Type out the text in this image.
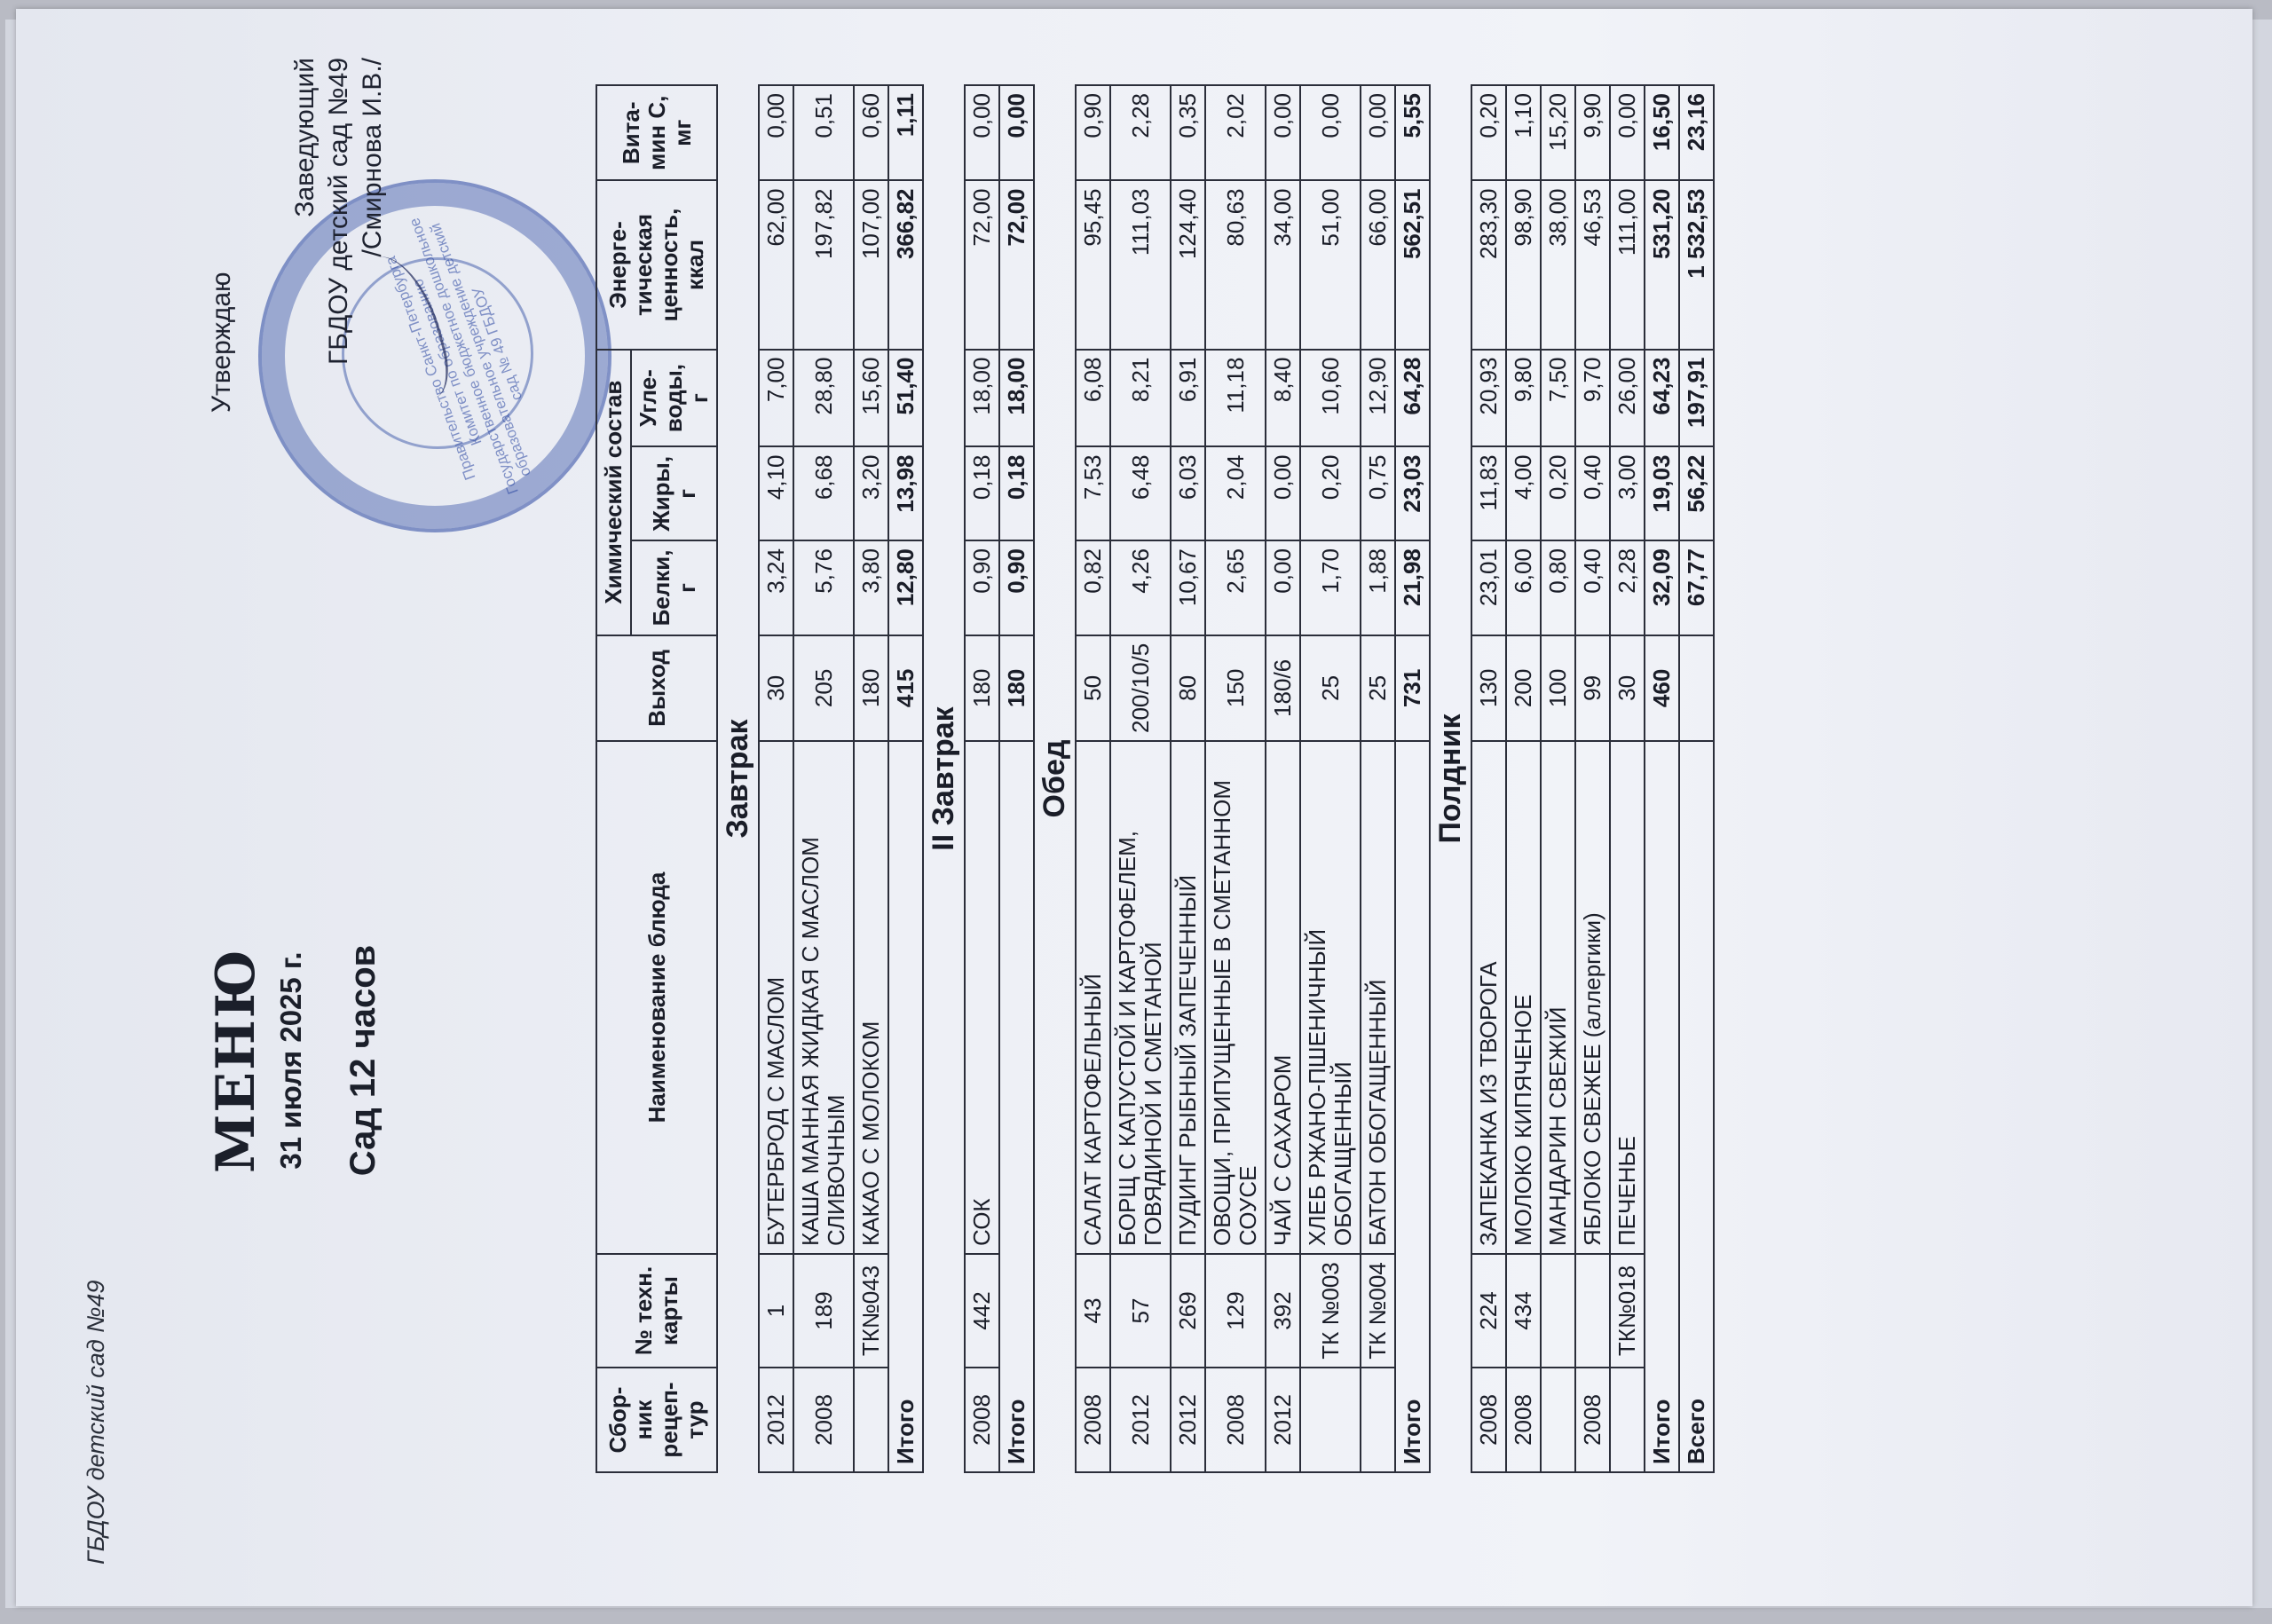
ГБДОУ детский сад №49
МЕНЮ 31 июля 2025 г. Сад 12 часов
Правительство Санкт-Петербурга Комитет по образованию Государственное бюджетное дошкольное образовательное учреждение детский сад № 49 ГБДОУ
Утверждаю
Заведующий ГБДОУ детский сад №49 /Смирнова И.В./
Сбор-ник рецеп-тур	№ техн. карты	Наименование блюда	Выход	Химический состав			Энерге-тическая ценность, ккал	Вита-мин С, мг
				Белки, г	Жиры, г	Угле-воды, г		
Завтрак								
2012	1	БУТЕРБРОД С МАСЛОМ	30	3,24	4,10	7,00	62,00	0,00
2008	189	КАША МАННАЯ ЖИДКАЯ С МАСЛОМ СЛИВОЧНЫМ	205	5,76	6,68	28,80	197,82	0,51
	ТК№043	КАКАО С МОЛОКОМ	180	3,80	3,20	15,60	107,00	0,60
Итого			415	12,80	13,98	51,40	366,82	1,11
II Завтрак								
2008	442	СОК	180	0,90	0,18	18,00	72,00	0,00
Итого			180	0,90	0,18	18,00	72,00	0,00
Обед								
2008	43	САЛАТ КАРТОФЕЛЬНЫЙ	50	0,82	7,53	6,08	95,45	0,90
2012	57	БОРЩ С КАПУСТОЙ И КАРТОФЕЛЕМ, ГОВЯДИНОЙ И СМЕТАНОЙ	200/10/5	4,26	6,48	8,21	111,03	2,28
2012	269	ПУДИНГ РЫБНЫЙ ЗАПЕЧЕННЫЙ	80	10,67	6,03	6,91	124,40	0,35
2008	129	ОВОЩИ, ПРИПУЩЕННЫЕ В СМЕТАННОМ СОУСЕ	150	2,65	2,04	11,18	80,63	2,02
2012	392	ЧАЙ С САХАРОМ	180/6	0,00	0,00	8,40	34,00	0,00
	ТК №003	ХЛЕБ РЖАНО-ПШЕНИЧНЫЙ ОБОГАЩЕННЫЙ	25	1,70	0,20	10,60	51,00	0,00
	ТК №004	БАТОН ОБОГАЩЕННЫЙ	25	1,88	0,75	12,90	66,00	0,00
Итого			731	21,98	23,03	64,28	562,51	5,55
Полдник								
2008	224	ЗАПЕКАНКА ИЗ ТВОРОГА	130	23,01	11,83	20,93	283,30	0,20
2008	434	МОЛОКО КИПЯЧЕНОЕ	200	6,00	4,00	9,80	98,90	1,10
		МАНДАРИН СВЕЖИЙ	100	0,80	0,20	7,50	38,00	15,20
2008		ЯБЛОКО СВЕЖЕЕ (аллергики)	99	0,40	0,40	9,70	46,53	9,90
	ТК№018	ПЕЧЕНЬЕ	30	2,28	3,00	26,00	111,00	0,00
Итого			460	32,09	19,03	64,23	531,20	16,50
Всего				67,77	56,22	197,91	1 532,53	23,16
